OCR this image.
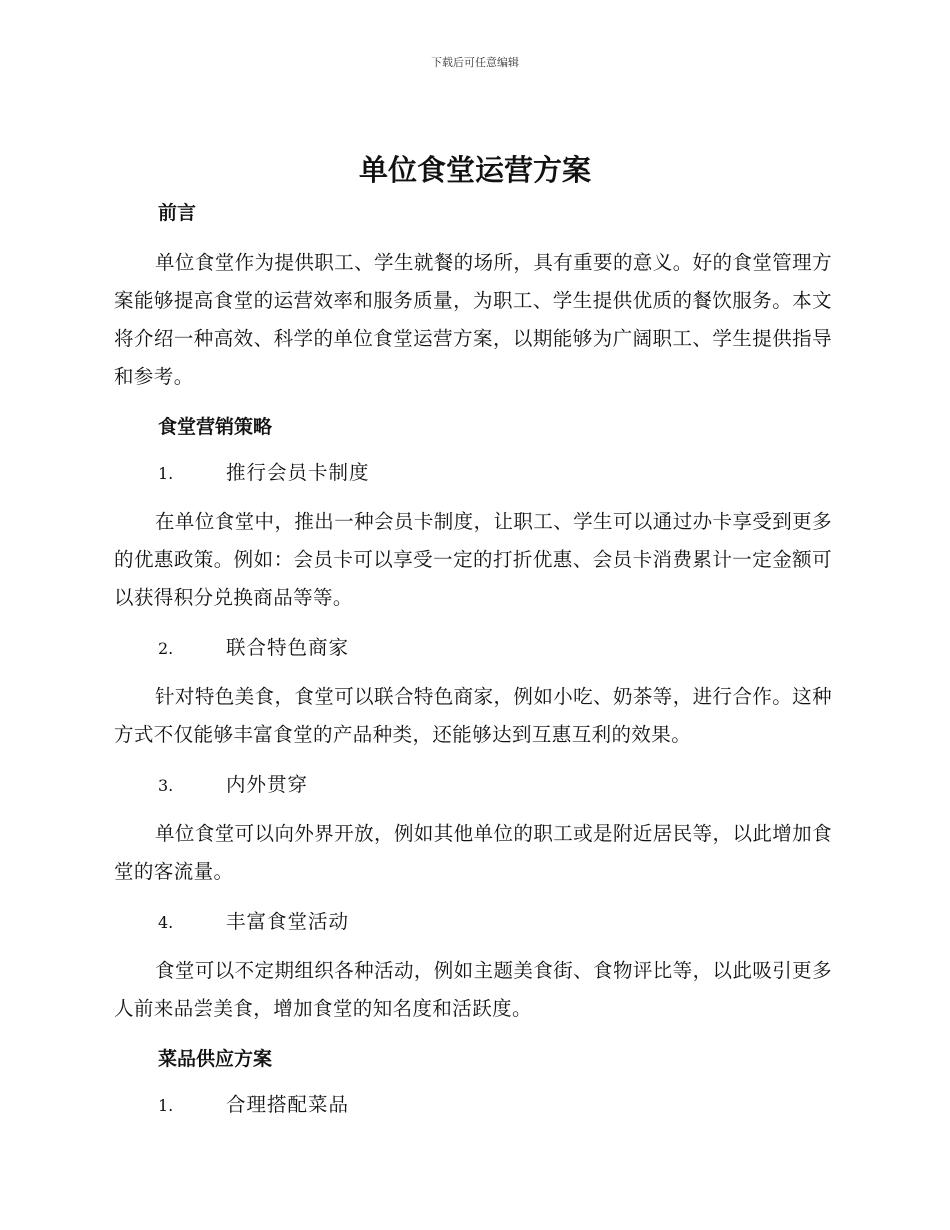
下载后可任意编辑
单位食堂运营方案
前言

单位食堂作为提供职工、学生就餐的场所，具有重要的意义。好的食堂管理方案能够提高食堂的运营效率和服务质量，为职工、学生提供优质的餐饮服务。本文将介绍一种高效、科学的单位食堂运营方案，以期能够为广阔职工、学生提供指导和参考。

食堂营销策略
1.	推行会员卡制度

在单位食堂中，推出一种会员卡制度，让职工、学生可以通过办卡享受到更多的优惠政策。例如：会员卡可以享受一定的打折优惠、会员卡消费累计一定金额可以获得积分兑换商品等等。

2.	联合特色商家

针对特色美食，食堂可以联合特色商家，例如小吃、奶茶等，进行合作。这种方式不仅能够丰富食堂的产品种类，还能够达到互惠互利的效果。

3.	内外贯穿

单位食堂可以向外界开放，例如其他单位的职工或是附近居民等，以此增加食堂的客流量。

4.	丰富食堂活动

食堂可以不定期组织各种活动，例如主题美食街、食物评比等，以此吸引更多人前来品尝美食，增加食堂的知名度和活跃度。

菜品供应方案
1.	合理搭配菜品
